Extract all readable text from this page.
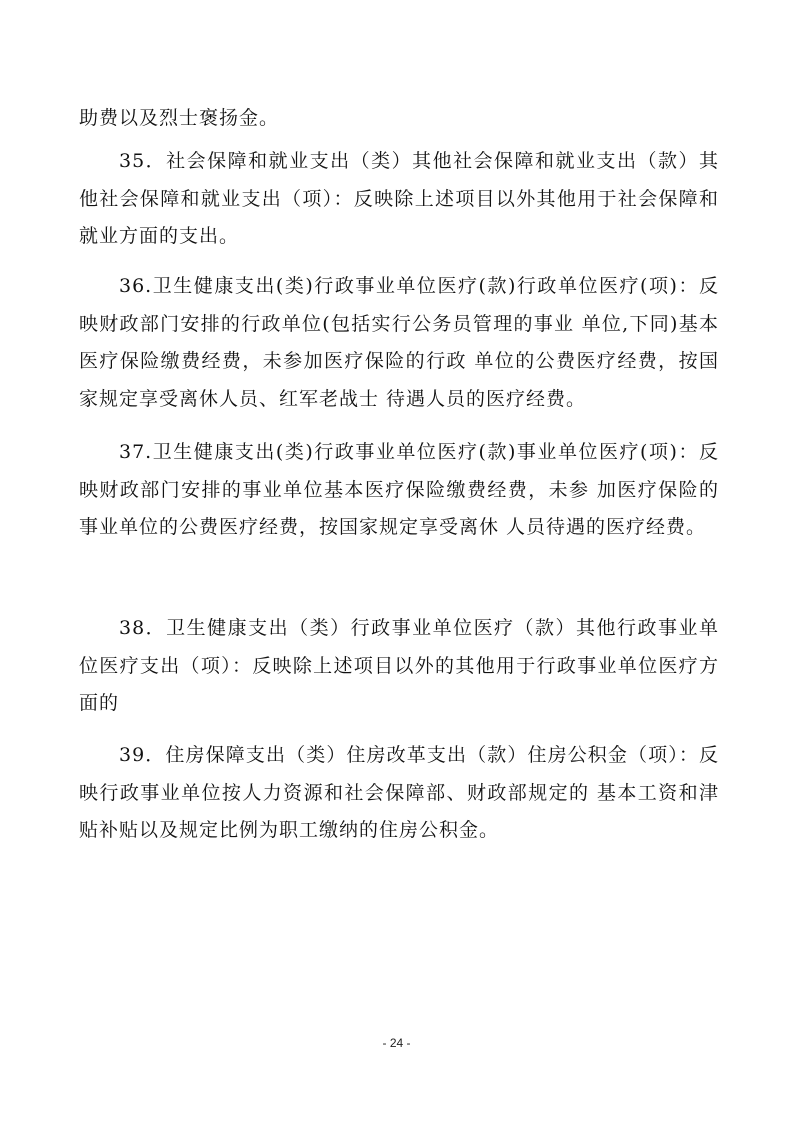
助费以及烈士褒扬金。
35．社会保障和就业支出（类）其他社会保障和就业支出（款）其他社会保障和就业支出（项）：反映除上述项目以外其他用于社会保障和就业方面的支出。
36.卫生健康支出(类)行政事业单位医疗(款)行政单位医疗(项)：反映财政部门安排的行政单位(包括实行公务员管理的事业 单位,下同)基本医疗保险缴费经费，未参加医疗保险的行政 单位的公费医疗经费，按国家规定享受离休人员、红军老战士 待遇人员的医疗经费。
37.卫生健康支出(类)行政事业单位医疗(款)事业单位医疗(项)：反映财政部门安排的事业单位基本医疗保险缴费经费，未参 加医疗保险的事业单位的公费医疗经费，按国家规定享受离休 人员待遇的医疗经费。
38．卫生健康支出（类）行政事业单位医疗（款）其他行政事业单位医疗支出（项）：反映除上述项目以外的其他用于行政事业单位医疗方面的
39．住房保障支出（类）住房改革支出（款）住房公积金（项）：反映行政事业单位按人力资源和社会保障部、财政部规定的 基本工资和津贴补贴以及规定比例为职工缴纳的住房公积金。
- 24 -
